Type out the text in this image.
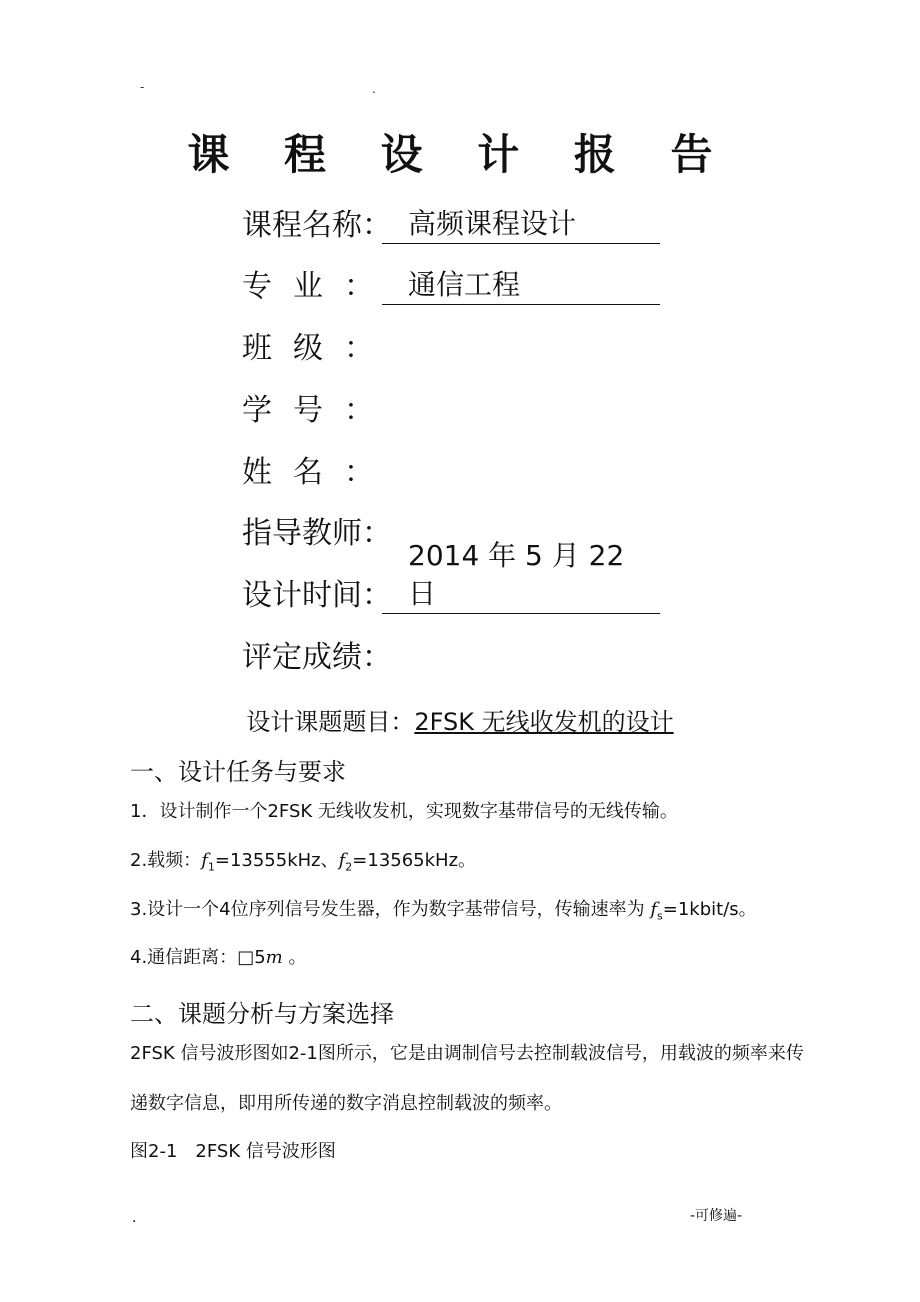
-	.
课 程 设 计 报 告
课 程 名 称 ： 高频课程设计
专 业 ：	通信工程
班 级 ：
学 号 ：
姓 名 ：
指 导 教 师 ：
设 计 时 间 ：
2014 年 5 月 22 日
评 定 成 绩 ：
设计课题题目：2FSK 无线收发机的设计
一、设计任务与要求
1．设计制作一个2FSK 无线收发机，实现数字基带信号的无线传输。
2.载频：$f_1=13555kHz$、$f_2=13565kHz$。
3.设计一个4位序列信号发生器，作为数字基带信号，传输速率为 $f_s=1kbit/s$。
4.通信距离：□5m 。
二、课题分析与方案选择
2FSK 信号波形图如2-1图所示，它是由调制信号去控制载波信号，用载波的频率来传
递数字信息，即用所传递的数字消息控制载波的频率。
图2-1　2FSK 信号波形图
.	-可修遍-
